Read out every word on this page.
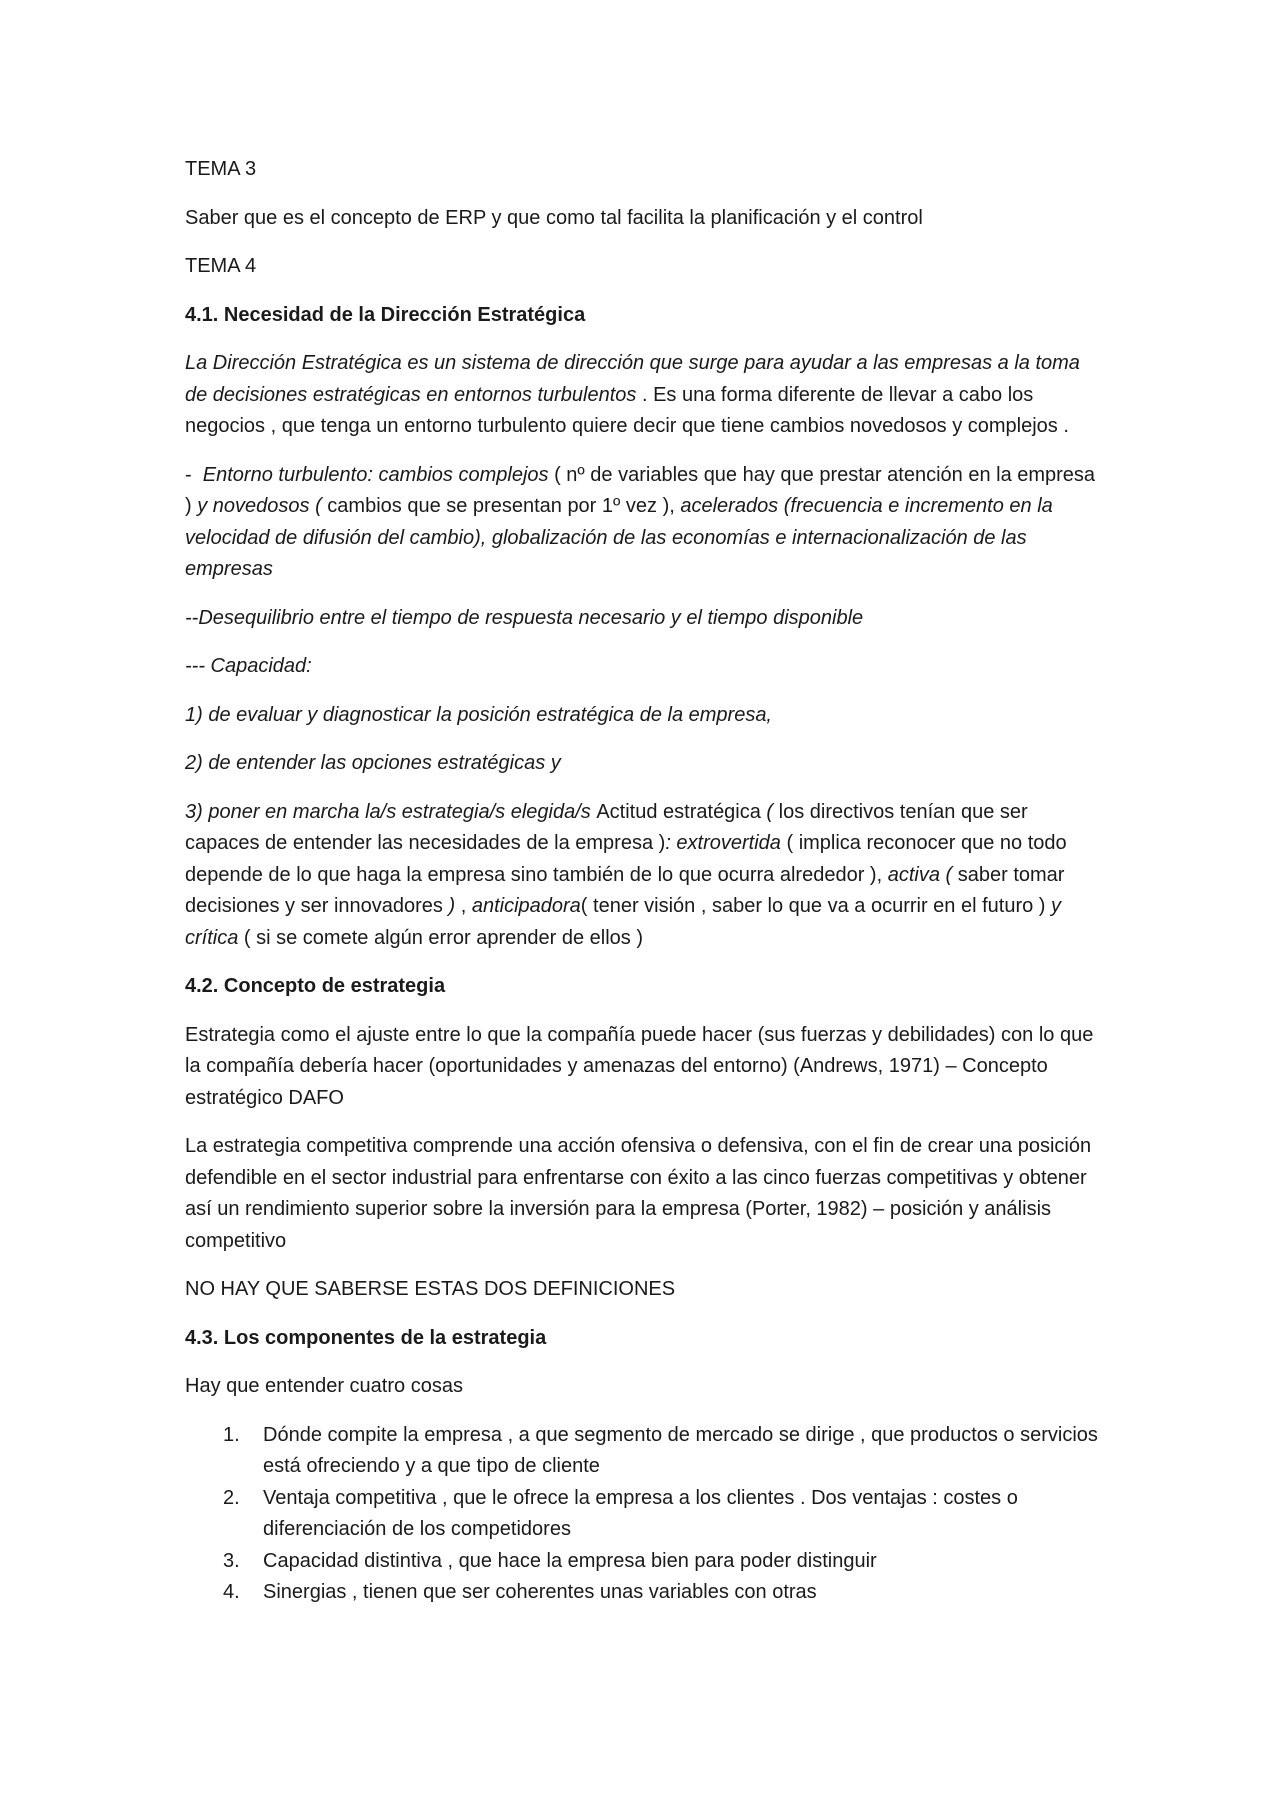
TEMA 3

Saber que es el concepto de ERP y que como tal facilita la planificación y el control

TEMA 4

4.1. Necesidad de la Dirección Estratégica

La Dirección Estratégica es un sistema de dirección que surge para ayudar a las empresas a la toma de decisiones estratégicas en entornos turbulentos . Es una forma diferente de llevar a cabo los negocios , que tenga un entorno turbulento quiere decir que tiene cambios novedosos y complejos .

-  Entorno turbulento: cambios complejos ( nº de variables que hay que prestar atención en la empresa ) y novedosos ( cambios que se presentan por 1º vez ), acelerados (frecuencia e incremento en la velocidad de difusión del cambio), globalización de las economías e internacionalización de las empresas

--Desequilibrio entre el tiempo de respuesta necesario y el tiempo disponible

--- Capacidad:

1) de evaluar y diagnosticar la posición estratégica de la empresa,

2) de entender las opciones estratégicas y

3) poner en marcha la/s estrategia/s elegida/s Actitud estratégica ( los directivos tenían que ser capaces de entender las necesidades de la empresa ): extrovertida ( implica reconocer que no todo depende de lo que haga la empresa sino también de lo que ocurra alrededor ), activa ( saber tomar decisiones y ser innovadores ) , anticipadora( tener visión , saber lo que va a ocurrir en el futuro ) y crítica ( si se comete algún error aprender de ellos )

4.2. Concepto de estrategia

Estrategia como el ajuste entre lo que la compañía puede hacer (sus fuerzas y debilidades) con lo que la compañía debería hacer (oportunidades y amenazas del entorno) (Andrews, 1971) – Concepto estratégico DAFO

La estrategia competitiva comprende una acción ofensiva o defensiva, con el fin de crear una posición defendible en el sector industrial para enfrentarse con éxito a las cinco fuerzas competitivas y obtener así un rendimiento superior sobre la inversión para la empresa (Porter, 1982) – posición y análisis competitivo

NO HAY QUE SABERSE ESTAS DOS DEFINICIONES

4.3. Los componentes de la estrategia

Hay que entender cuatro cosas

1. Dónde compite la empresa , a que segmento de mercado se dirige , que productos o servicios está ofreciendo y a que tipo de cliente
2. Ventaja competitiva , que le ofrece la empresa a los clientes . Dos ventajas : costes o diferenciación de los competidores
3. Capacidad distintiva , que hace la empresa bien para poder distinguir
4. Sinergias , tienen que ser coherentes unas variables con otras
